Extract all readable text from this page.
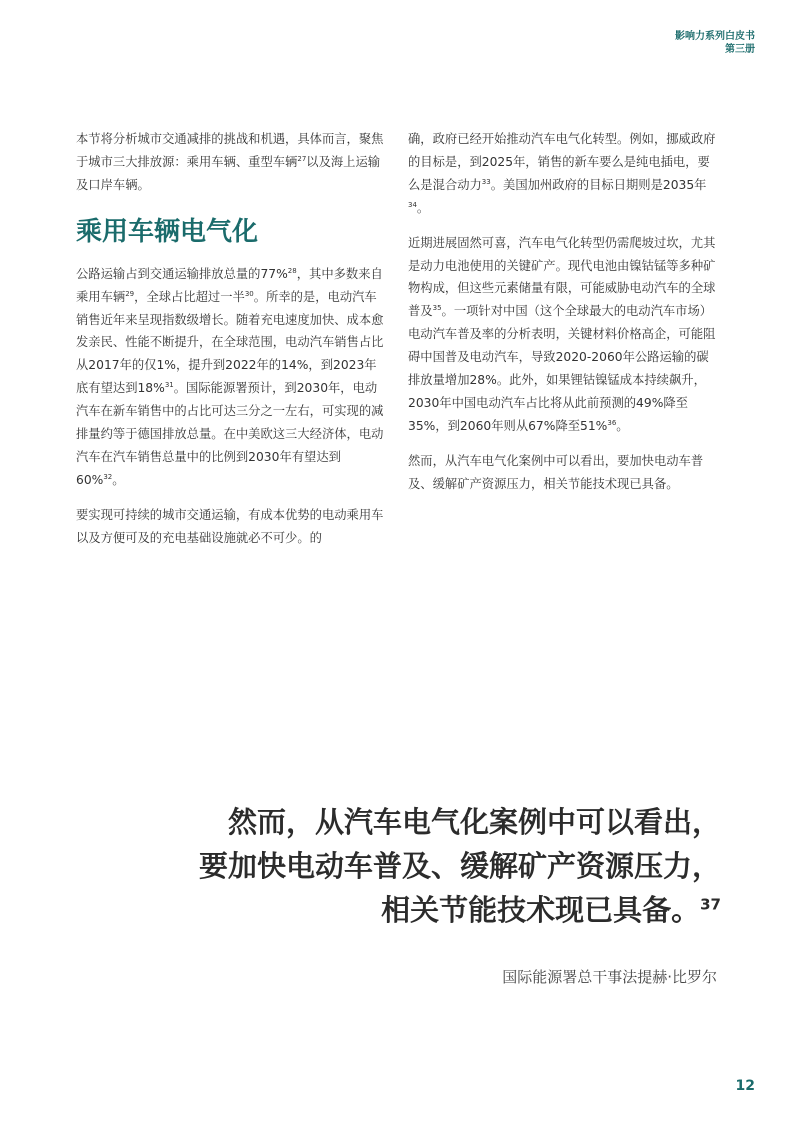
影响力系列白皮书
第三册

本节将分析城市交通减排的挑战和机遇，具体而言，聚焦于城市三大排放源：乘用车辆、重型车辆$^{27}$以及海上运输及口岸车辆。

乘用车辆电气化

公路运输占到交通运输排放总量的77%$^{28}$，其中多数来自乘用车辆$^{29}$，全球占比超过一半$^{30}$。所幸的是，电动汽车销售近年来呈现指数级增长。随着充电速度加快、成本愈发亲民、性能不断提升，在全球范围，电动汽车销售占比从2017年的仅1%，提升到2022年的14%，到2023年底有望达到18%$^{31}$。国际能源署预计，到2030年，电动汽车在新车销售中的占比可达三分之一左右，可实现的减排量约等于德国排放总量。在中美欧这三大经济体，电动汽车在汽车销售总量中的比例到2030年有望达到60%$^{32}$。

要实现可持续的城市交通运输，有成本优势的电动乘用车以及方便可及的充电基础设施就必不可少。的

确，政府已经开始推动汽车电气化转型。例如，挪威政府的目标是，到2025年，销售的新车要么是纯电插电，要么是混合动力$^{33}$。美国加州政府的目标日期则是2035年$^{34}$。

近期进展固然可喜，汽车电气化转型仍需爬坡过坎，尤其是动力电池使用的关键矿产。现代电池由镍钴锰等多种矿物构成，但这些元素储量有限，可能威胁电动汽车的全球普及$^{35}$。一项针对中国（这个全球最大的电动汽车市场）电动汽车普及率的分析表明，关键材料价格高企，可能阻碍中国普及电动汽车，导致2020-2060年公路运输的碳排放量增加28%。此外，如果锂钴镍锰成本持续飙升，2030年中国电动汽车占比将从此前预测的49%降至35%，到2060年则从67%降至51%$^{36}$。

然而，从汽车电气化案例中可以看出，要加快电动车普及、缓解矿产资源压力，相关节能技术现已具备。

然而，从汽车电气化案例中可以看出，
要加快电动车普及、缓解矿产资源压力，
相关节能技术现已具备。$^{37}$
国际能源署总干事法提赫·比罗尔
12
